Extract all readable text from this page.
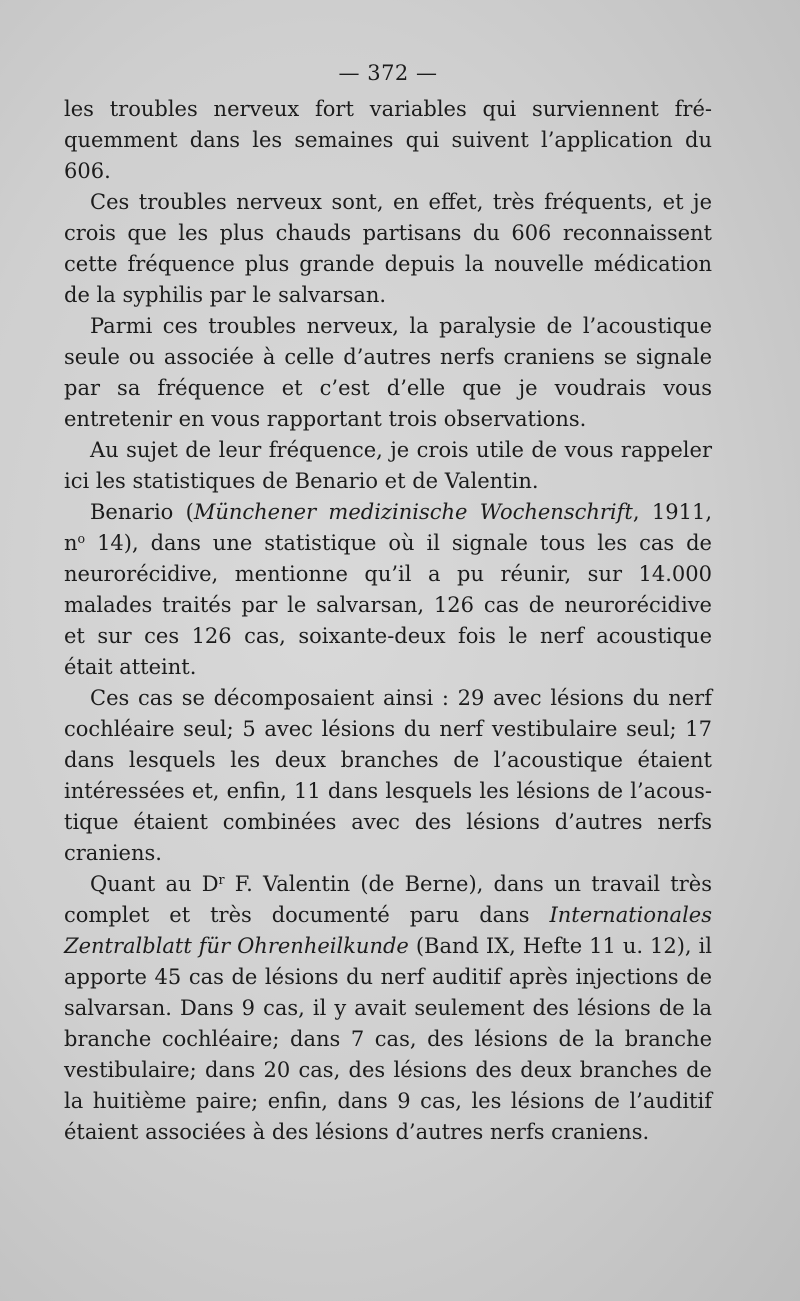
— 372 —

les troubles nerveux fort variables qui surviennent fréquemment dans les semaines qui suivent l’application du 606.

Ces troubles nerveux sont, en effet, très fréquents, et je crois que les plus chauds partisans du 606 reconnaissent cette fréquence plus grande depuis la nouvelle médication de la syphilis par le salvarsan.

Parmi ces troubles nerveux, la paralysie de l’acoustique seule ou associée à celle d’autres nerfs craniens se signale par sa fréquence et c’est d’elle que je voudrais vous entretenir en vous rapportant trois observations.

Au sujet de leur fréquence, je crois utile de vous rappeler ici les statistiques de Benario et de Valentin.

Benario (Münchener medizinische Wochenschrift, 1911, $n^o$ 14), dans une statistique où il signale tous les cas de neurorécidive, mentionne qu’il a pu réunir, sur 14.000 malades traités par le salvarsan, 126 cas de neurorécidive et sur ces 126 cas, soixante-deux fois le nerf acoustique était atteint.

Ces cas se décomposaient ainsi : 29 avec lésions du nerf cochléaire seul; 5 avec lésions du nerf vestibulaire seul; 17 dans lesquels les deux branches de l’acoustique étaient intéressées et, enfin, 11 dans lesquels les lésions de l’acoustique étaient combinées avec des lésions d’autres nerfs craniens.

Quant au $D^r$ F. Valentin (de Berne), dans un travail très complet et très documenté paru dans Internationales Zentralblatt für Ohrenheilkunde (Band IX, Hefte 11 u. 12), il apporte 45 cas de lésions du nerf auditif après injections de salvarsan. Dans 9 cas, il y avait seulement des lésions de la branche cochléaire; dans 7 cas, des lésions de la branche vestibulaire; dans 20 cas, des lésions des deux branches de la huitième paire; enfin, dans 9 cas, les lésions de l’auditif étaient associées à des lésions d’autres nerfs craniens.
